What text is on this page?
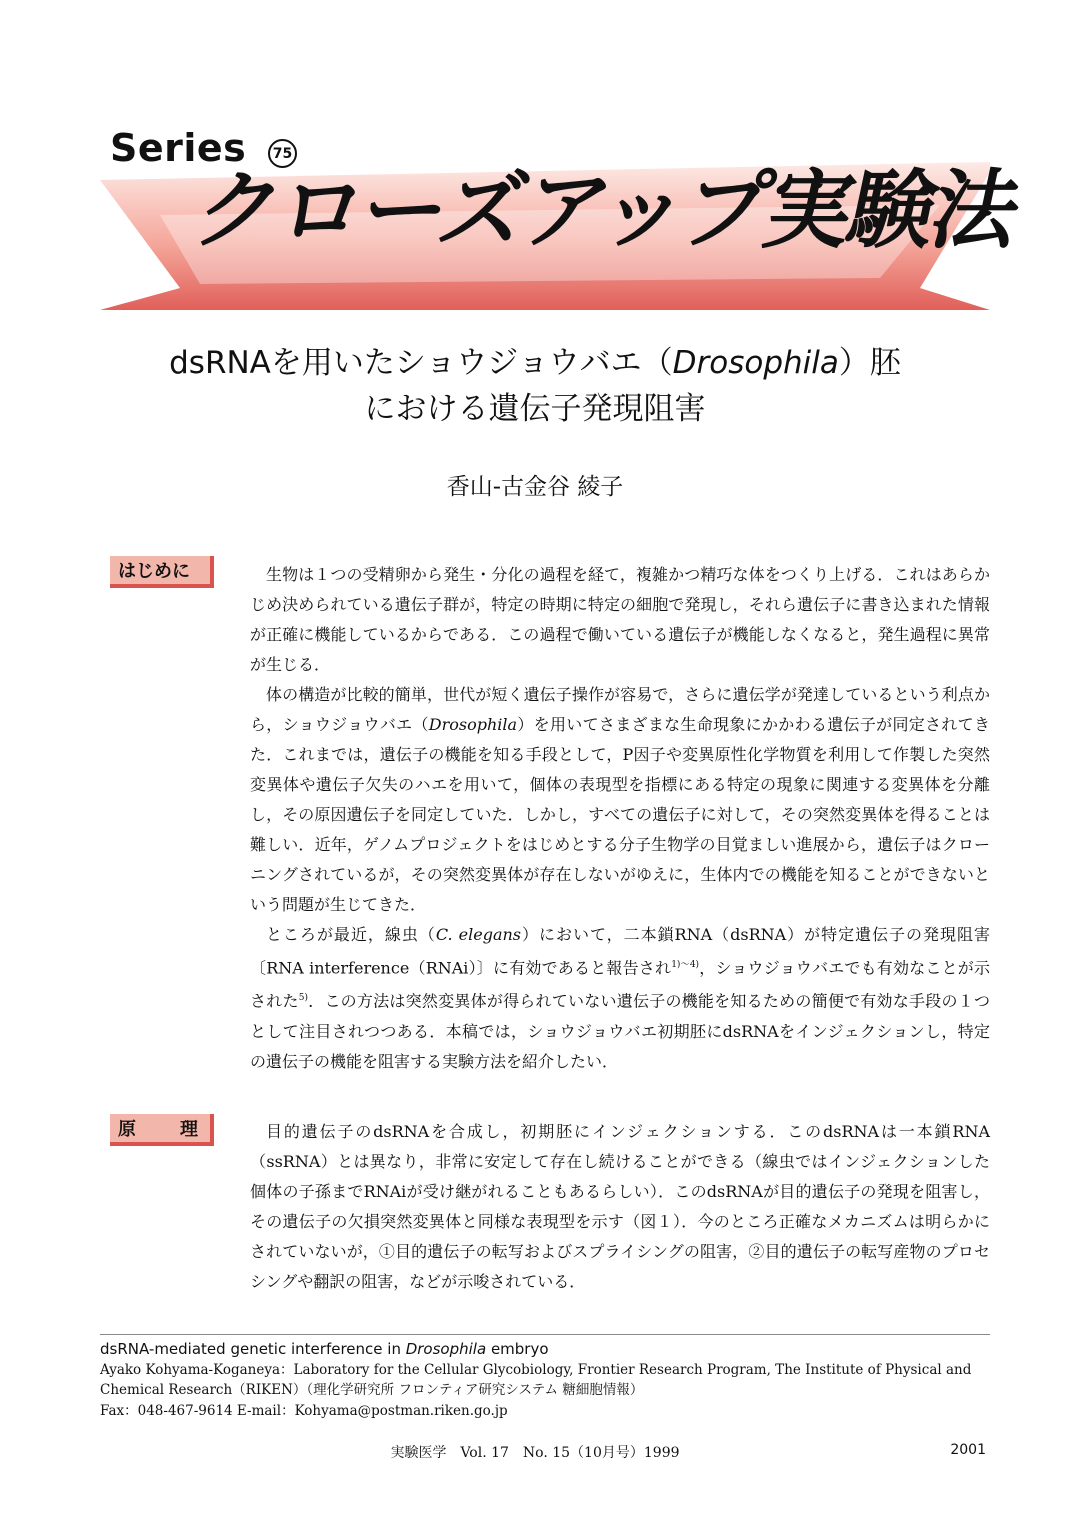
Series	75
クローズアップ実験法
dsRNAを用いたショウジョウバエ（Drosophila）胚
における遺伝子発現阻害
香山-古金谷 綾子
はじめに	生物は１つの受精卵から発生・分化の過程を経て，複雑かつ精巧な体をつくり上げる．これはあらかじめ決められている遺伝子群が，特定の時期に特定の細胞で発現し，それら遺伝子に書き込まれた情報が正確に機能しているからである．この過程で働いている遺伝子が機能しなくなると，発生過程に異常が生じる．

体の構造が比較的簡単，世代が短く遺伝子操作が容易で，さらに遺伝学が発達しているという利点から，ショウジョウバエ（Drosophila）を用いてさまざまな生命現象にかかわる遺伝子が同定されてきた．これまでは，遺伝子の機能を知る手段として，P因子や変異原性化学物質を利用して作製した突然変異体や遺伝子欠失のハエを用いて，個体の表現型を指標にある特定の現象に関連する変異体を分離し，その原因遺伝子を同定していた．しかし，すべての遺伝子に対して，その突然変異体を得ることは難しい．近年，ゲノムプロジェクトをはじめとする分子生物学の目覚ましい進展から，遺伝子はクローニングされているが，その突然変異体が存在しないがゆえに，生体内での機能を知ることができないという問題が生じてきた．

ところが最近，線虫（C. elegans）において，二本鎖RNA（dsRNA）が特定遺伝子の発現阻害〔RNA interference（RNAi）〕に有効であると報告され$^{1)〜4)}$，ショウジョウバエでも有効なことが示された$^{5)}$．この方法は突然変異体が得られていない遺伝子の機能を知るための簡便で有効な手段の１つとして注目されつつある．本稿では，ショウジョウバエ初期胚にdsRNAをインジェクションし，特定の遺伝子の機能を阻害する実験方法を紹介したい．

原 理	目的遺伝子のdsRNAを合成し，初期胚にインジェクションする．このdsRNAは一本鎖RNA（ssRNA）とは異なり，非常に安定して存在し続けることができる（線虫ではインジェクションした個体の子孫までRNAiが受け継がれることもあるらしい）．このdsRNAが目的遺伝子の発現を阻害し，その遺伝子の欠損突然変異体と同様な表現型を示す（図１）．今のところ正確なメカニズムは明らかにされていないが，①目的遺伝子の転写およびスプライシングの阻害，②目的遺伝子の転写産物のプロセシングや翻訳の阻害，などが示唆されている．

dsRNA-mediated genetic interference in Drosophila embryo
Ayako Kohyama-Koganeya：Laboratory for the Cellular Glycobiology, Frontier Research Program, The Institute of Physical and Chemical Research（RIKEN）（理化学研究所 フロンティア研究システム 糖細胞情報）
Fax：048-467-9614 E-mail：Kohyama@postman.riken.go.jp
実験医学　Vol. 17　No. 15（10月号）1999	2001
